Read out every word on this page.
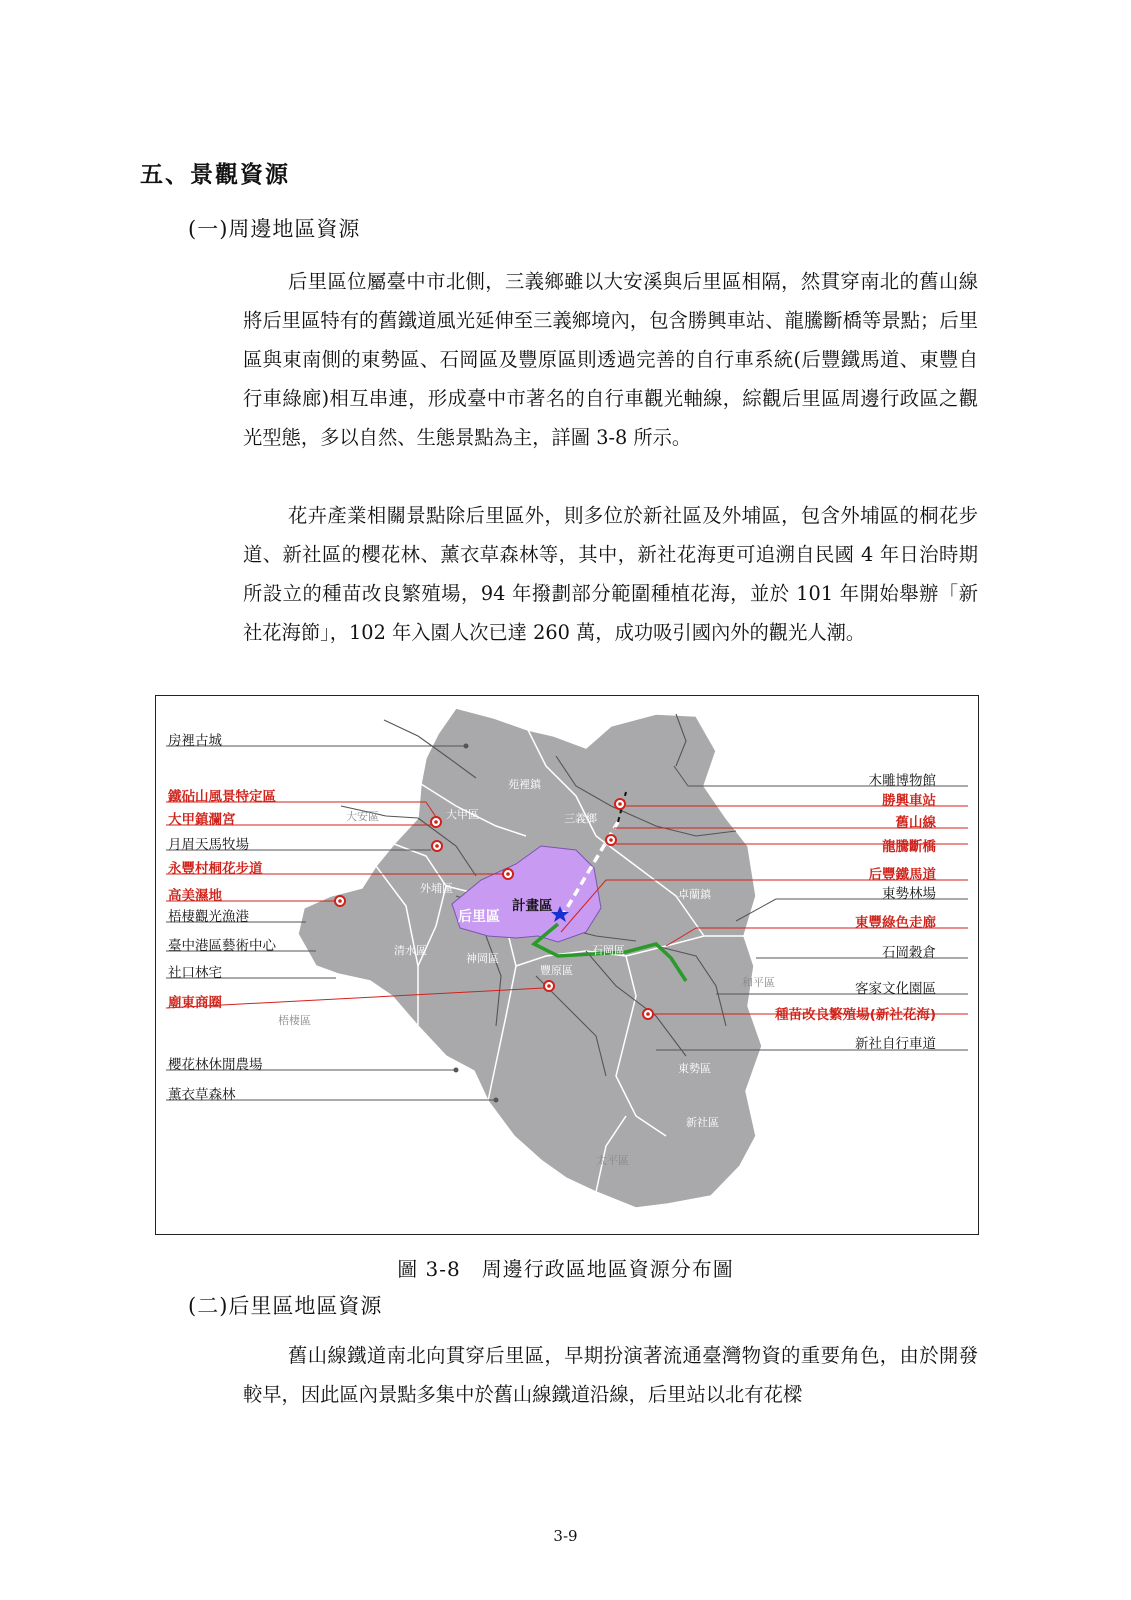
五、景觀資源
(一)周邊地區資源

后里區位屬臺中市北側，三義鄉雖以大安溪與后里區相隔，然貫穿南北的舊山線將后里區特有的舊鐵道風光延伸至三義鄉境內，包含勝興車站、龍騰斷橋等景點；后里區與東南側的東勢區、石岡區及豐原區則透過完善的自行車系統(后豐鐵馬道、東豐自行車綠廊)相互串連，形成臺中市著名的自行車觀光軸線，綜觀后里區周邊行政區之觀光型態，多以自然、生態景點為主，詳圖 3-8 所示。

花卉產業相關景點除后里區外，則多位於新社區及外埔區，包含外埔區的桐花步道、新社區的櫻花林、薰衣草森林等，其中，新社花海更可追溯自民國 4 年日治時期所設立的種苗改良繁殖場，94 年撥劃部分範圍種植花海，並於 101 年開始舉辦「新社花海節」，102 年入園人次已達 260 萬，成功吸引國內外的觀光人潮。

房裡古城
鐵砧山風景特定區
大甲鎮瀾宮
月眉天馬牧場
永豐村桐花步道
高美濕地
梧棲觀光漁港
臺中港區藝術中心
社口林宅
廟東商圈
櫻花林休閒農場
薰衣草森林
木雕博物館
勝興車站
舊山線
龍騰斷橋
后豐鐵馬道
東勢林場
東豐綠色走廊
石岡穀倉
客家文化園區
種苗改良繁殖場(新社花海)
新社自行車道
苑裡鎮
三義鄉
大甲區
大安區
外埔區
后里區
計畫區
清水區
神岡區
豐原區
石岡區
卓蘭鎮
和平區
東勢區
新社區
梧棲區
太平區
圖 3-8　周邊行政區地區資源分布圖
(二)后里區地區資源

舊山線鐵道南北向貫穿后里區，早期扮演著流通臺灣物資的重要角色，由於開發較早，因此區內景點多集中於舊山線鐵道沿線，后里站以北有花樑

3-9
